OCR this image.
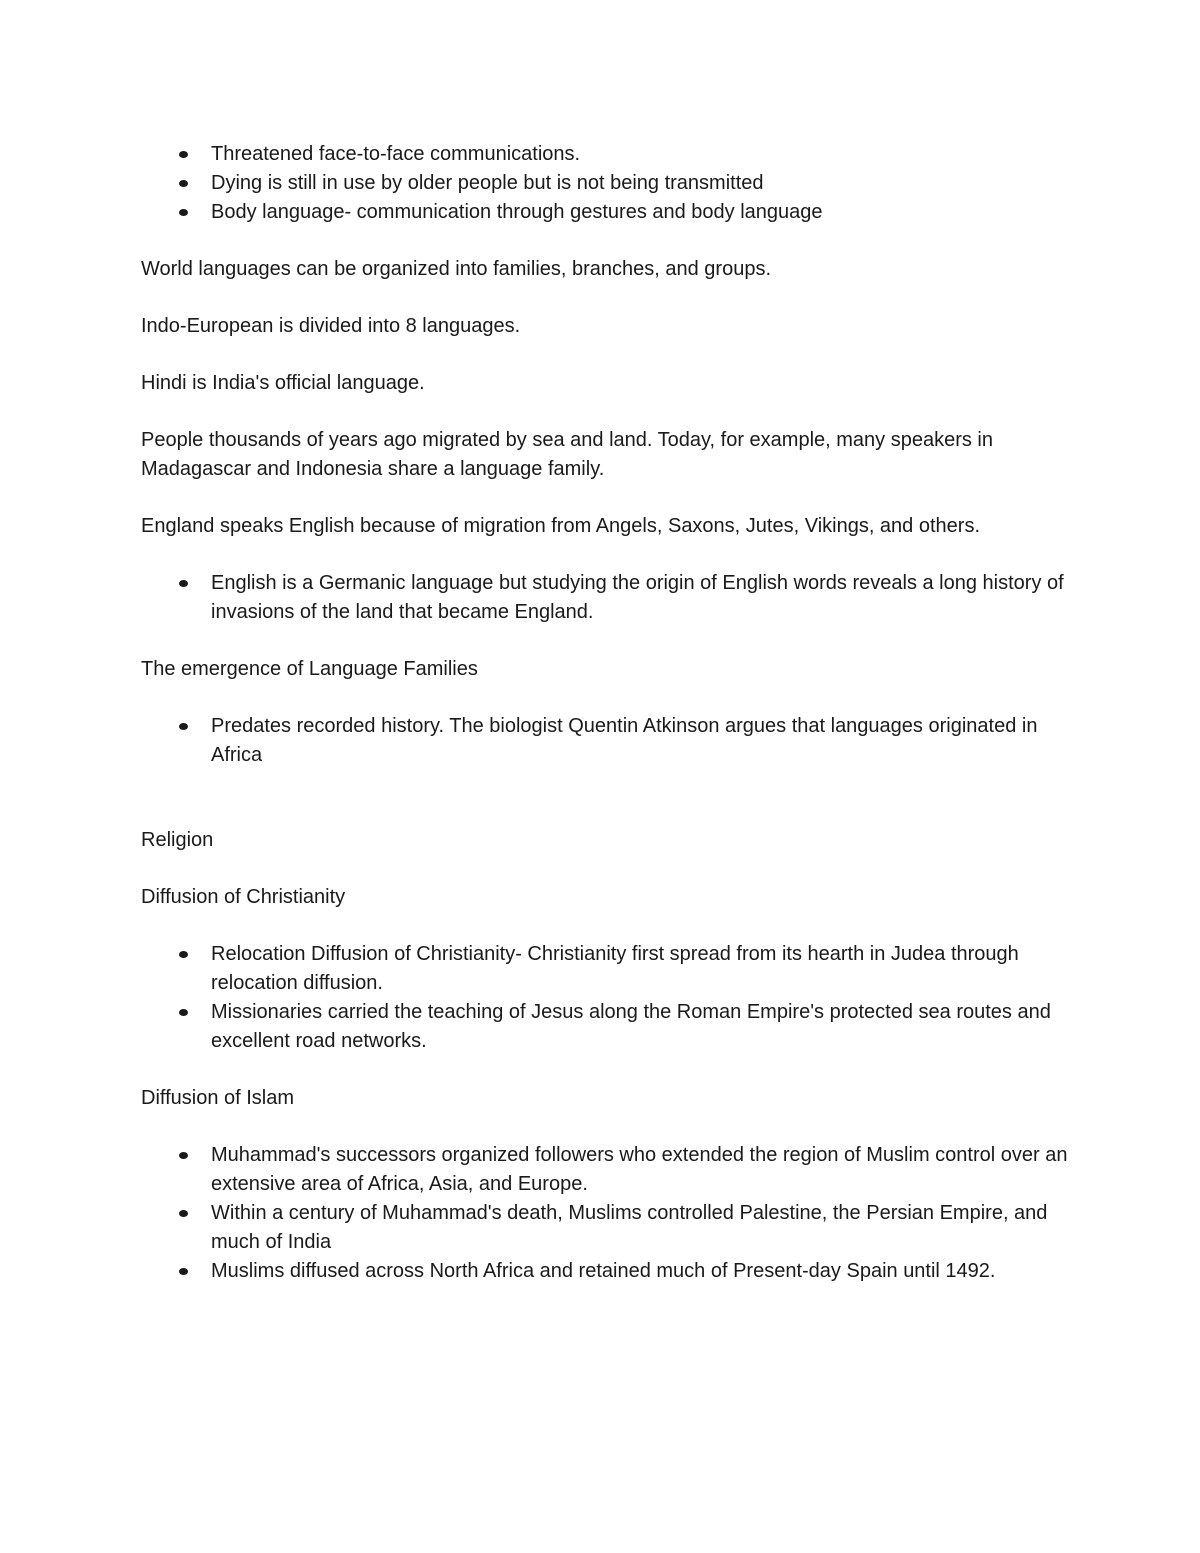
Threatened face-to-face communications.
Dying is still in use by older people but is not being transmitted
Body language- communication through gestures and body language

World languages can be organized into families, branches, and groups.

Indo-European is divided into 8 languages.

Hindi is India's official language.

People thousands of years ago migrated by sea and land. Today, for example, many speakers in Madagascar and Indonesia share a language family.

England speaks English because of migration from Angels, Saxons, Jutes, Vikings, and others.

English is a Germanic language but studying the origin of English words reveals a long history of invasions of the land that became England.

The emergence of Language Families

Predates recorded history. The biologist Quentin Atkinson argues that languages originated in Africa

Religion

Diffusion of Christianity

Relocation Diffusion of Christianity- Christianity first spread from its hearth in Judea through relocation diffusion.
Missionaries carried the teaching of Jesus along the Roman Empire's protected sea routes and excellent road networks.

Diffusion of Islam

Muhammad's successors organized followers who extended the region of Muslim control over an extensive area of Africa, Asia, and Europe.
Within a century of Muhammad's death, Muslims controlled Palestine, the Persian Empire, and much of India
Muslims diffused across North Africa and retained much of Present-day Spain until 1492.
